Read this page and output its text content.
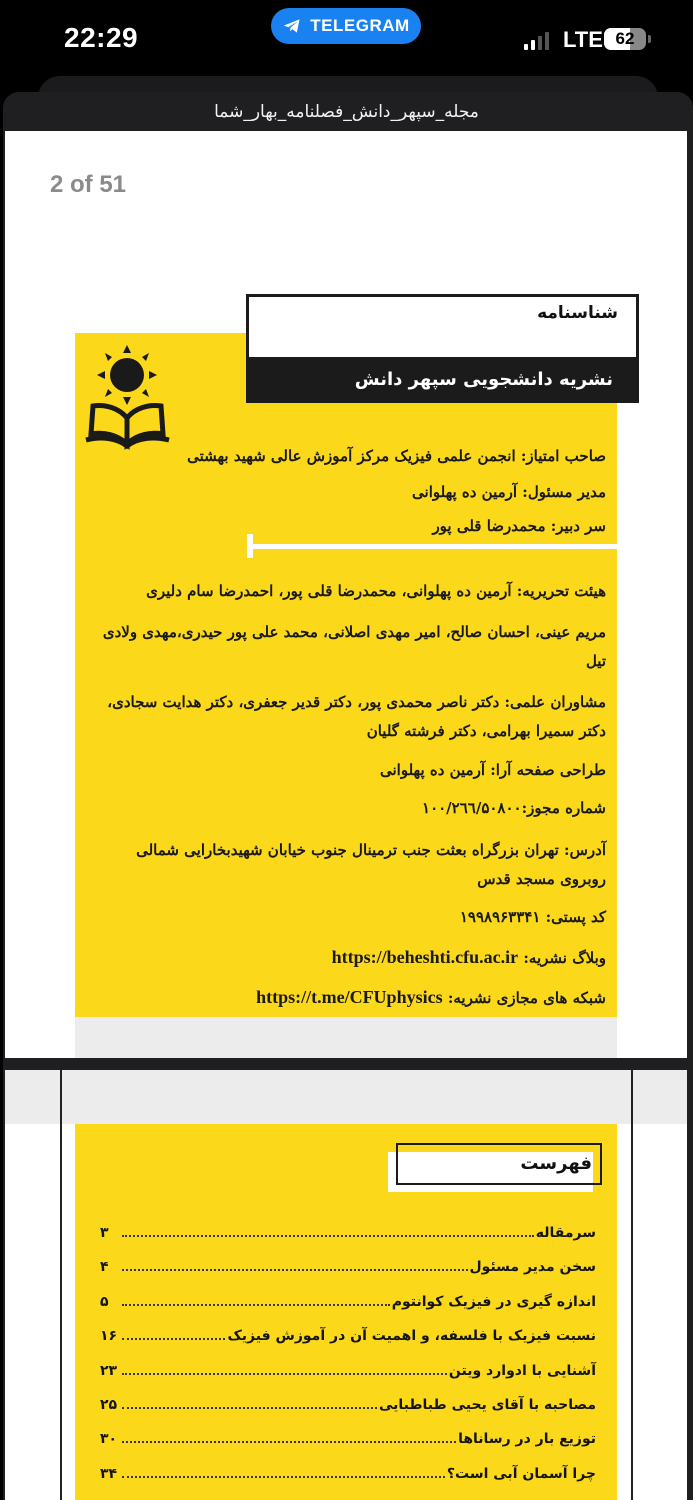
22:29	TELEGRAM
LTE 62
مجله_سپهر_دانش_فصلنامه_بهار_شما
2 of 51
شناسنامه
نشریه دانشجویی سپهر دانش
صاحب امتیاز: انجمن علمی فیزیک مرکز آموزش عالی شهید بهشتی
مدیر مسئول: آرمین ده پهلوانی
سر دبیر: محمدرضا قلی پور
هیئت تحریریه: آرمین ده پهلوانی، محمدرضا قلی پور، احمدرضا سام دلیری
مریم عینی، احسان صالح، امیر مهدی اصلانی، محمد علی پور حیدری،مهدی ولادی تیل
مشاوران علمی: دکتر ناصر محمدی پور، دکتر قدیر جعفری، دکتر هدایت سجادی، دکتر سمیرا بهرامی، دکتر فرشته گلیان
طراحی صفحه آرا: آرمین ده پهلوانی
شماره مجوز:۱۰۰/۲٦٦/۵۰۸۰۰
آدرس: تهران بزرگراه بعثت جنب ترمینال جنوب خیابان شهیدبخارایی شمالی روبروی مسجد قدس
کد پستی: ۱۹۹۸۹۶۳۳۴۱
وبلاگ نشریه: https://beheshti.cfu.ac.ir
شبکه های مجازی نشریه: https://t.me/CFUphysics
فهرست
سرمقاله
۳
سخن مدیر مسئول
۴
اندازه گیری در فیزیک کوانتوم
۵
نسبت فیزیک با فلسفه، و اهمیت آن در آموزش فیزیک
۱۶
آشنایی با ادوارد ویتن
۲۳
مصاحبه با آقای یحیی طباطبایی
۲۵
توزیع بار در رساناها
۳۰
چرا آسمان آبی است؟
۳۴
